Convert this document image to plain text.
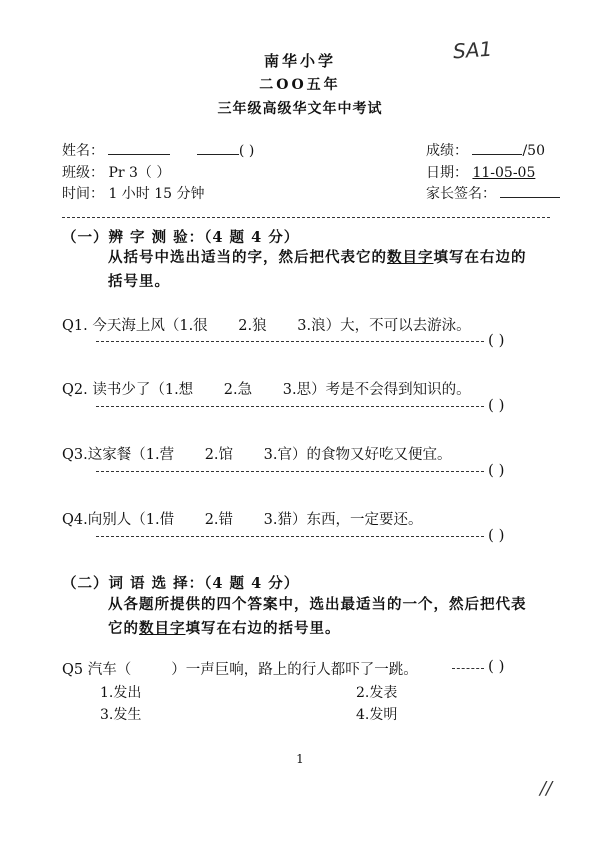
南华小学
二OO五年
三年级高级华文年中考试
SA1
姓名：	( )	成绩：	/50
班级： Pr 3（ ）	日期： 11-05-05
时间： 1 小时 15 分钟	家长签名：
（一）辨 字 测 验：（4 题 4 分）
从括号中选出适当的字，然后把代表它的数目字填写在右边的
括号里。
Q1. 今天海上风（1.很 2.狼 3.浪）大，不可以去游泳。
( )
Q2. 读书少了（1.想 2.急 3.思）考是不会得到知识的。
( )
Q3.这家餐（1.营 2.馆 3.官）的食物又好吃又便宜。
( )
Q4.向别人（1.借 2.错 3.猎）东西，一定要还。
( )
（二）词 语 选 择：（4 题 4 分）
从各题所提供的四个答案中，选出最适当的一个，然后把代表
它的数目字填写在右边的括号里。
Q5 汽车（	）一声巨响，路上的行人都吓了一跳。	( )
1.发出	2.发表
3.发生	4.发明
1
//
